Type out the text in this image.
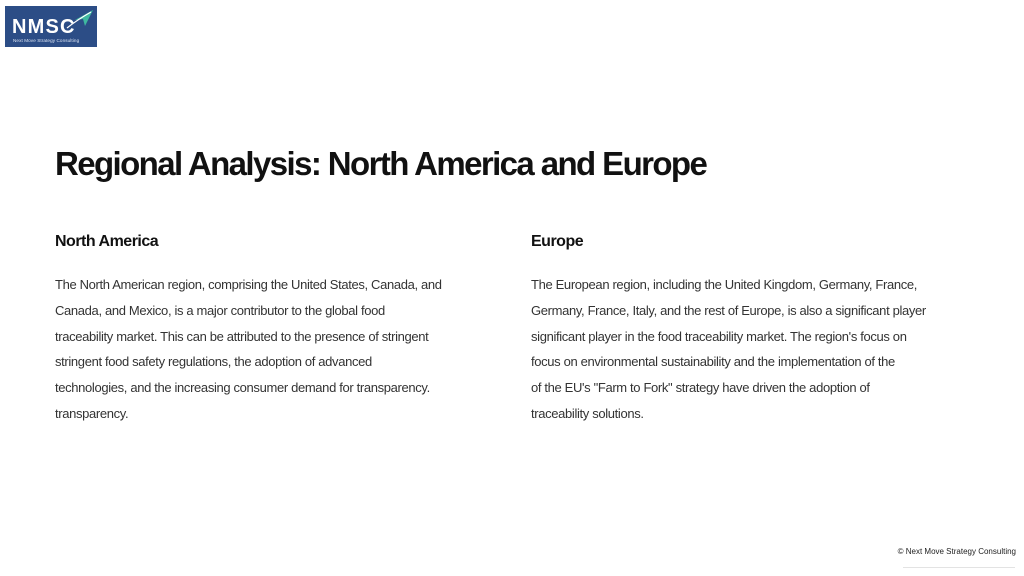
NMSC
Next Move Strategy Consulting
Regional Analysis: North America and Europe
North America

The North American region, comprising the United States, Canada, and
Canada, and Mexico, is a major contributor to the global food
traceability market. This can be attributed to the presence of stringent
stringent food safety regulations, the adoption of advanced
technologies, and the increasing consumer demand for transparency.
transparency.

Europe

The European region, including the United Kingdom, Germany, France,
Germany, France, Italy, and the rest of Europe, is also a significant player
significant player in the food traceability market. The region's focus on
focus on environmental sustainability and the implementation of the
of the EU's "Farm to Fork" strategy have driven the adoption of
traceability solutions.

© Next Move Strategy Consulting
